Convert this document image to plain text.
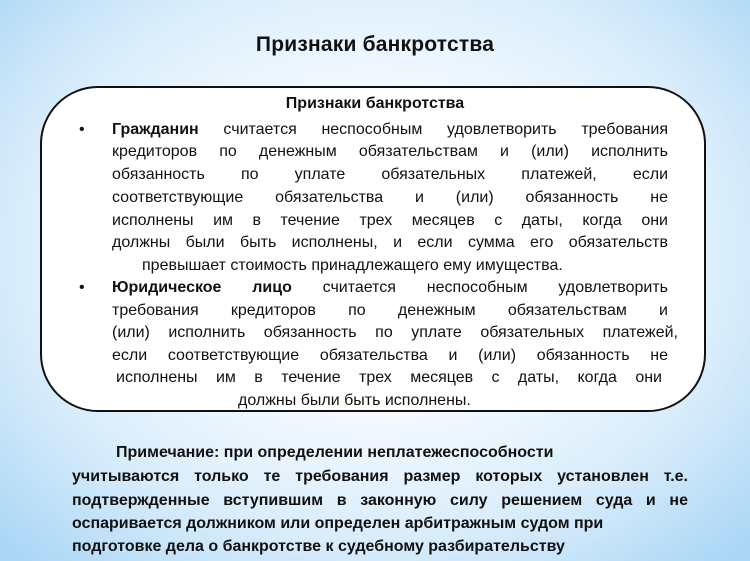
Признаки банкротства
Признаки банкротства
• Гражданин считается неспособным удовлетворить требования
кредиторов по денежным обязательствам и (или) исполнить
обязанность по уплате обязательных платежей, если
соответствующие обязательства и (или) обязанность не
исполнены им в течение трех месяцев с даты, когда они
должны были быть исполнены, и если сумма его обязательств
превышает стоимость принадлежащего ему имущества.
• Юридическое лицо считается неспособным удовлетворить
требования кредиторов по денежным обязательствам и
(или) исполнить обязанность по уплате обязательных платежей,
если соответствующие обязательства и (или) обязанность не
исполнены им в течение трех месяцев с даты, когда они
должны были быть исполнены.
Примечание: при определении неплатежеспособности
учитываются только те требования размер которых установлен т.е.
подтвержденные вступившим в законную силу решением суда и не
оспаривается должником или определен арбитражным судом при
подготовке дела о банкротстве к судебному разбирательству
